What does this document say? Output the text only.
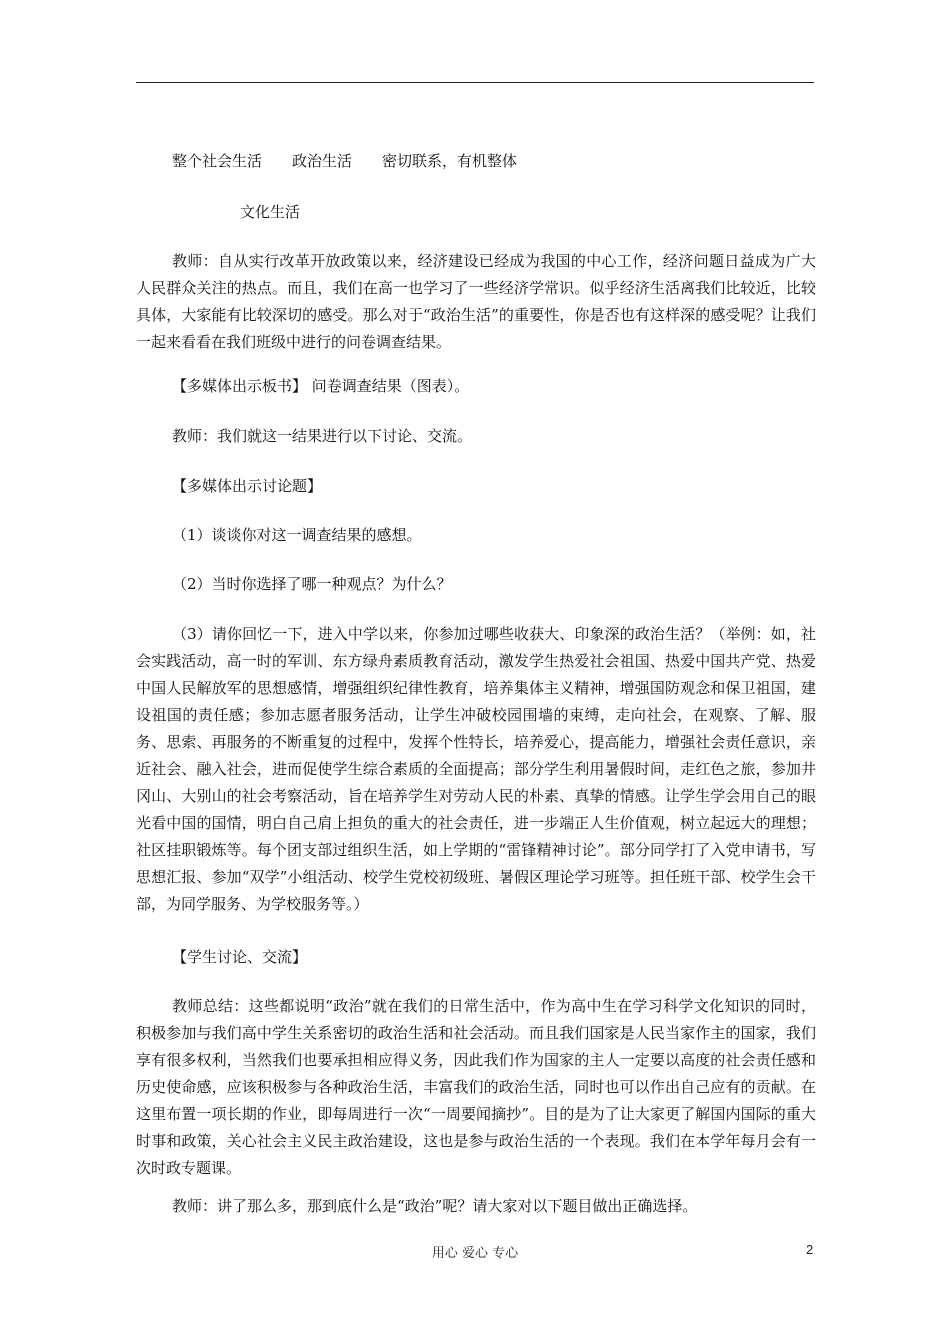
整个社会生活 政治生活 密切联系，有机整体
文化生活

教师：自从实行改革开放政策以来，经济建设已经成为我国的中心工作，经济问题日益成为广大人民群众关注的热点。而且，我们在高一也学习了一些经济学常识。似乎经济生活离我们比较近，比较具体，大家能有比较深切的感受。那么对于“政治生活”的重要性，你是否也有这样深的感受呢？让我们一起来看看在我们班级中进行的问卷调查结果。

【多媒体出示板书】 问卷调查结果（图表）。
教师：我们就这一结果进行以下讨论、交流。
【多媒体出示讨论题】
（1）谈谈你对这一调查结果的感想。
（2）当时你选择了哪一种观点？为什么？

（3）请你回忆一下，进入中学以来，你参加过哪些收获大、印象深的政治生活？（举例：如，社会实践活动，高一时的军训、东方绿舟素质教育活动，激发学生热爱社会祖国、热爱中国共产党、热爱中国人民解放军的思想感情，增强组织纪律性教育，培养集体主义精神，增强国防观念和保卫祖国，建设祖国的责任感；参加志愿者服务活动，让学生冲破校园围墙的束缚，走向社会，在观察、了解、服务、思索、再服务的不断重复的过程中，发挥个性特长，培养爱心，提高能力，增强社会责任意识，亲近社会、融入社会，进而促使学生综合素质的全面提高；部分学生利用暑假时间，走红色之旅，参加井冈山、大别山的社会考察活动，旨在培养学生对劳动人民的朴素、真挚的情感。让学生学会用自己的眼光看中国的国情，明白自己肩上担负的重大的社会责任，进一步端正人生价值观，树立起远大的理想；社区挂职锻炼等。每个团支部过组织生活，如上学期的“雷锋精神讨论”。部分同学打了入党申请书，写思想汇报、参加“双学”小组活动、校学生党校初级班、暑假区理论学习班等。担任班干部、校学生会干部，为同学服务、为学校服务等。）

【学生讨论、交流】

教师总结：这些都说明“政治”就在我们的日常生活中，作为高中生在学习科学文化知识的同时，积极参加与我们高中学生关系密切的政治生活和社会活动。而且我们国家是人民当家作主的国家，我们享有很多权利，当然我们也要承担相应得义务，因此我们作为国家的主人一定要以高度的社会责任感和历史使命感，应该积极参与各种政治生活，丰富我们的政治生活，同时也可以作出自己应有的贡献。在这里布置一项长期的作业，即每周进行一次“一周要闻摘抄”。目的是为了让大家更了解国内国际的重大时事和政策，关心社会主义民主政治建设，这也是参与政治生活的一个表现。我们在本学年每月会有一次时政专题课。

教师：讲了那么多，那到底什么是“政治”呢？请大家对以下题目做出正确选择。
用心 爱心 专心	2
